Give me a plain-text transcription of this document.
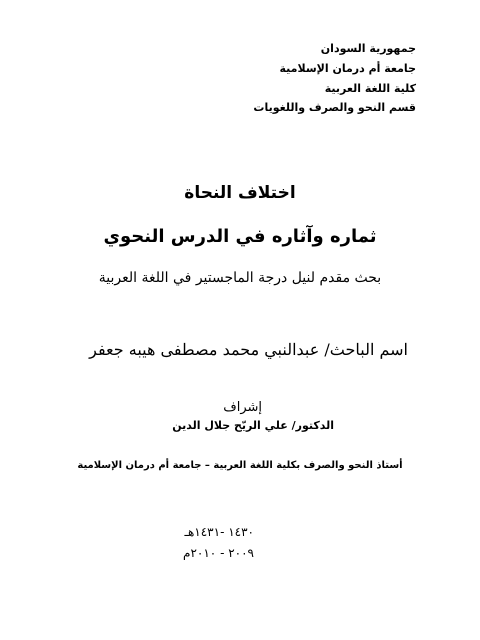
جمهورية السودان
جامعة أم درمان الإسلامية
كلية اللغة العربية
قسم النحو والصرف واللغويات
اختلاف النحاة
ثماره وآثاره في الدرس النحوي
بحث مقدم لنيل درجة الماجستير في اللغة العربية
اسم الباحث/ عبدالنبي محمد مصطفى هيبه جعفر
إشراف
الدكتور/ علي الريّح جلال الدين
أستاذ النحو والصرف بكلية اللغة العربية – جامعة أم درمان الإسلامية
١٤٣٠ -١٤٣١هـ
٢٠٠٩ - ٢٠١٠م
